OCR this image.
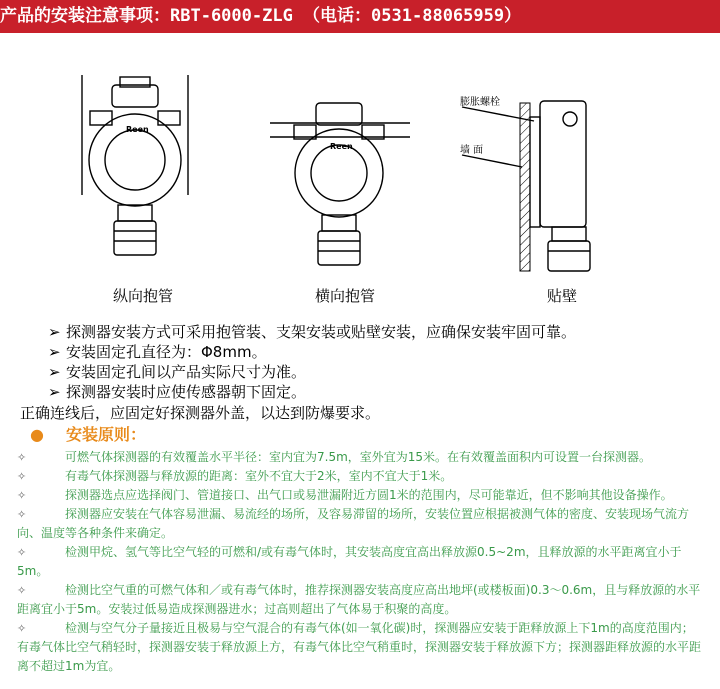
产品的安装注意事项：RBT-6000-ZLG （电话：0531-88065959）
Reen
纵向抱管
Reen
横向抱管
膨胀螺栓
墙 面
贴壁
➢ 探测器安装方式可采用抱管装、支架安装或贴壁安装，应确保安装牢固可靠。
➢ 安装固定孔直径为：Φ8mm。
➢ 安装固定孔间以产品实际尺寸为准。
➢ 探测器安装时应使传感器朝下固定。
正确连线后，应固定好探测器外盖，以达到防爆要求。
● 安装原则：
✧	可燃气体探测器的有效覆盖水平半径：室内宜为7.5m，室外宜为15米。在有效覆盖面积内可设置一台探测器。
✧	有毒气体探测器与释放源的距离：室外不宜大于2米，室内不宜大于1米。
✧	探测器选点应选择阀门、管道接口、出气口或易泄漏附近方圆1米的范围内，尽可能靠近，但不影响其他设备操作。
✧	探测器应安装在气体容易泄漏、易流经的场所，及容易滞留的场所，安装位置应根据被测气体的密度、安装现场气流方向、温度等各种条件来确定。
✧	检测甲烷、氢气等比空气轻的可燃和/或有毒气体时，其安装高度宜高出释放源0.5~2m，且释放源的水平距离宜小于5m。
✧	检测比空气重的可燃气体和／或有毒气体时，推荐探测器安装高度应高出地坪(或楼板面)0.3～0.6m，且与释放源的水平距离宜小于5m。安装过低易造成探测器进水；过高则超出了气体易于积聚的高度。
✧	检测与空气分子量接近且极易与空气混合的有毒气体(如一氧化碳)时，探测器应安装于距释放源上下1m的高度范围内；有毒气体比空气稍轻时，探测器安装于释放源上方，有毒气体比空气稍重时，探测器安装于释放源下方；探测器距释放源的水平距离不超过1m为宜。
